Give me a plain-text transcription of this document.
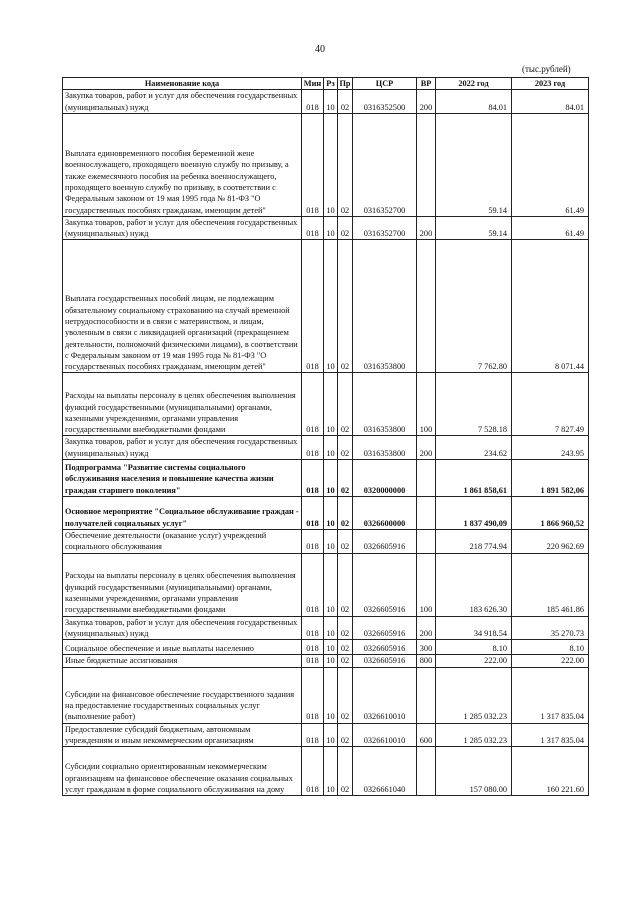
40
(тыс.рублей)
Наименование кода	Мин	Рз	Пр	ЦСР	ВР	2022 год	2023 год
Закупка товаров, работ и услуг для обеспечения государственных (муниципальных) нужд	018	10	02	0316352500	200	84.01	84.01
Выплата единовременного пособия беременной жене военнослужащего, проходящего военную службу по призыву, а также ежемесячного пособия на ребенка военнослужащего, проходящего военную службу по призыву, в соответствии с Федеральным законом от 19 мая 1995 года № 81-ФЗ "О государственных пособиях гражданам, имеющим детей"	018	10	02	0316352700		59.14	61.49
Закупка товаров, работ и услуг для обеспечения государственных (муниципальных) нужд	018	10	02	0316352700	200	59.14	61.49
Выплата государственных пособий лицам, не подлежащим обязательному социальному страхованию на случай временной нетрудоспособности и в связи с материнством, и лицам, уволенным в связи с ликвидацией организаций (прекращением деятельности, полномочий физическими лицами), в соответствии с Федеральным законом от 19 мая 1995 года № 81-ФЗ "О государственных пособиях гражданам, имеющим детей"	018	10	02	0316353800		7 762.80	8 071.44
Расходы на выплаты персоналу в целях обеспечения выполнения функций государственными (муниципальными) органами, казенными учреждениями, органами управления государственными внебюджетными фондами	018	10	02	0316353800	100	7 528.18	7 827.49
Закупка товаров, работ и услуг для обеспечения государственных (муниципальных) нужд	018	10	02	0316353800	200	234.62	243.95
Подпрограмма "Развитие системы социального обслуживания населения и повышение качества жизни граждан старшего поколения"	018	10	02	0320000000		1 861 858,61	1 891 582,06
Основное мероприятие "Социальное обслуживание граждан - получателей социальных услуг"	018	10	02	0326600000		1 837 490,09	1 866 960,52
Обеспечение деятельности (оказание услуг) учреждений социального обслуживания	018	10	02	0326605916		218 774.94	220 962.69
Расходы на выплаты персоналу в целях обеспечения выполнения функций государственными (муниципальными) органами, казенными учреждениями, органами управления государственными внебюджетными фондами	018	10	02	0326605916	100	183 626.30	185 461.86
Закупка товаров, работ и услуг для обеспечения государственных (муниципальных) нужд	018	10	02	0326605916	200	34 918.54	35 270.73
Социальное обеспечение и иные выплаты населению	018	10	02	0326605916	300	8.10	8.10
Иные бюджетные ассигнования	018	10	02	0326605916	800	222.00	222.00
Субсидии на финансовое обеспечение государственного задания на предоставление государственных социальных услуг (выполнение работ)	018	10	02	0326610010		1 285 032.23	1 317 835.04
Предоставление субсидий бюджетным, автономным учреждениям и иным некоммерческим организациям	018	10	02	0326610010	600	1 285 032.23	1 317 835.04
Субсидии социально ориентированным некоммерческим организациям на финансовое обеспечение оказания социальных услуг гражданам в форме социального обслуживания на дому	018	10	02	0326661040		157 080.00	160 221.60
